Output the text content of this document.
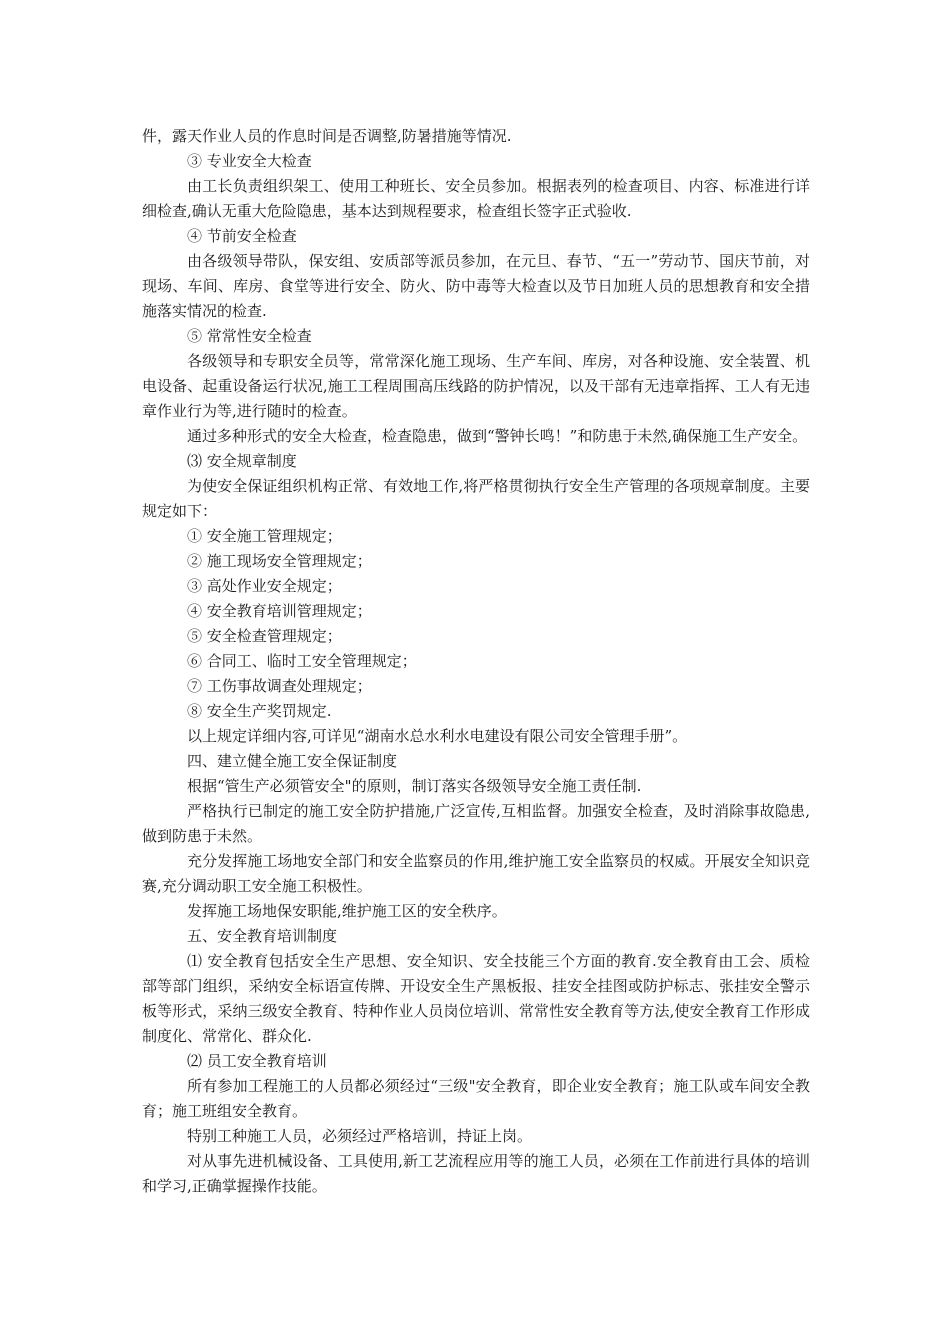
件，露天作业人员的作息时间是否调整,防暑措施等情况.

③ 专业安全大检查

由工长负责组织架工、使用工种班长、安全员参加。根据表列的检查项目、内容、标准进行详细检查,确认无重大危险隐患，基本达到规程要求，检查组长签字正式验收.

④ 节前安全检查

由各级领导带队，保安组、安质部等派员参加，在元旦、春节、“五一”劳动节、国庆节前，对现场、车间、库房、食堂等进行安全、防火、防中毒等大检查以及节日加班人员的思想教育和安全措施落实情况的检查.

⑤ 常常性安全检查

各级领导和专职安全员等，常常深化施工现场、生产车间、库房，对各种设施、安全装置、机电设备、起重设备运行状况,施工工程周围高压线路的防护情况，以及干部有无违章指挥、工人有无违章作业行为等,进行随时的检查。

通过多种形式的安全大检查，检查隐患，做到“警钟长鸣！”和防患于未然,确保施工生产安全。

⑶ 安全规章制度

为使安全保证组织机构正常、有效地工作,将严格贯彻执行安全生产管理的各项规章制度。主要规定如下：

① 安全施工管理规定；

② 施工现场安全管理规定；

③ 高处作业安全规定；

④ 安全教育培训管理规定；

⑤ 安全检查管理规定；

⑥ 合同工、临时工安全管理规定；

⑦ 工伤事故调查处理规定；

⑧ 安全生产奖罚规定.

以上规定详细内容,可详见“湖南水总水利水电建设有限公司安全管理手册”。

四、建立健全施工安全保证制度

根据“管生产必须管安全"的原则，制订落实各级领导安全施工责任制.

严格执行已制定的施工安全防护措施,广泛宣传,互相监督。加强安全检查，及时消除事故隐患,做到防患于未然。

充分发挥施工场地安全部门和安全监察员的作用,维护施工安全监察员的权威。开展安全知识竞赛,充分调动职工安全施工积极性。

发挥施工场地保安职能,维护施工区的安全秩序。

五、安全教育培训制度

⑴ 安全教育包括安全生产思想、安全知识、安全技能三个方面的教育.安全教育由工会、质检部等部门组织，采纳安全标语宣传牌、开设安全生产黑板报、挂安全挂图或防护标志、张挂安全警示板等形式，采纳三级安全教育、特种作业人员岗位培训、常常性安全教育等方法,使安全教育工作形成制度化、常常化、群众化.

⑵ 员工安全教育培训

所有参加工程施工的人员都必须经过“三级"安全教育，即企业安全教育；施工队或车间安全教育；施工班组安全教育。

特别工种施工人员，必须经过严格培训，持证上岗。

对从事先进机械设备、工具使用,新工艺流程应用等的施工人员，必须在工作前进行具体的培训和学习,正确掌握操作技能。
